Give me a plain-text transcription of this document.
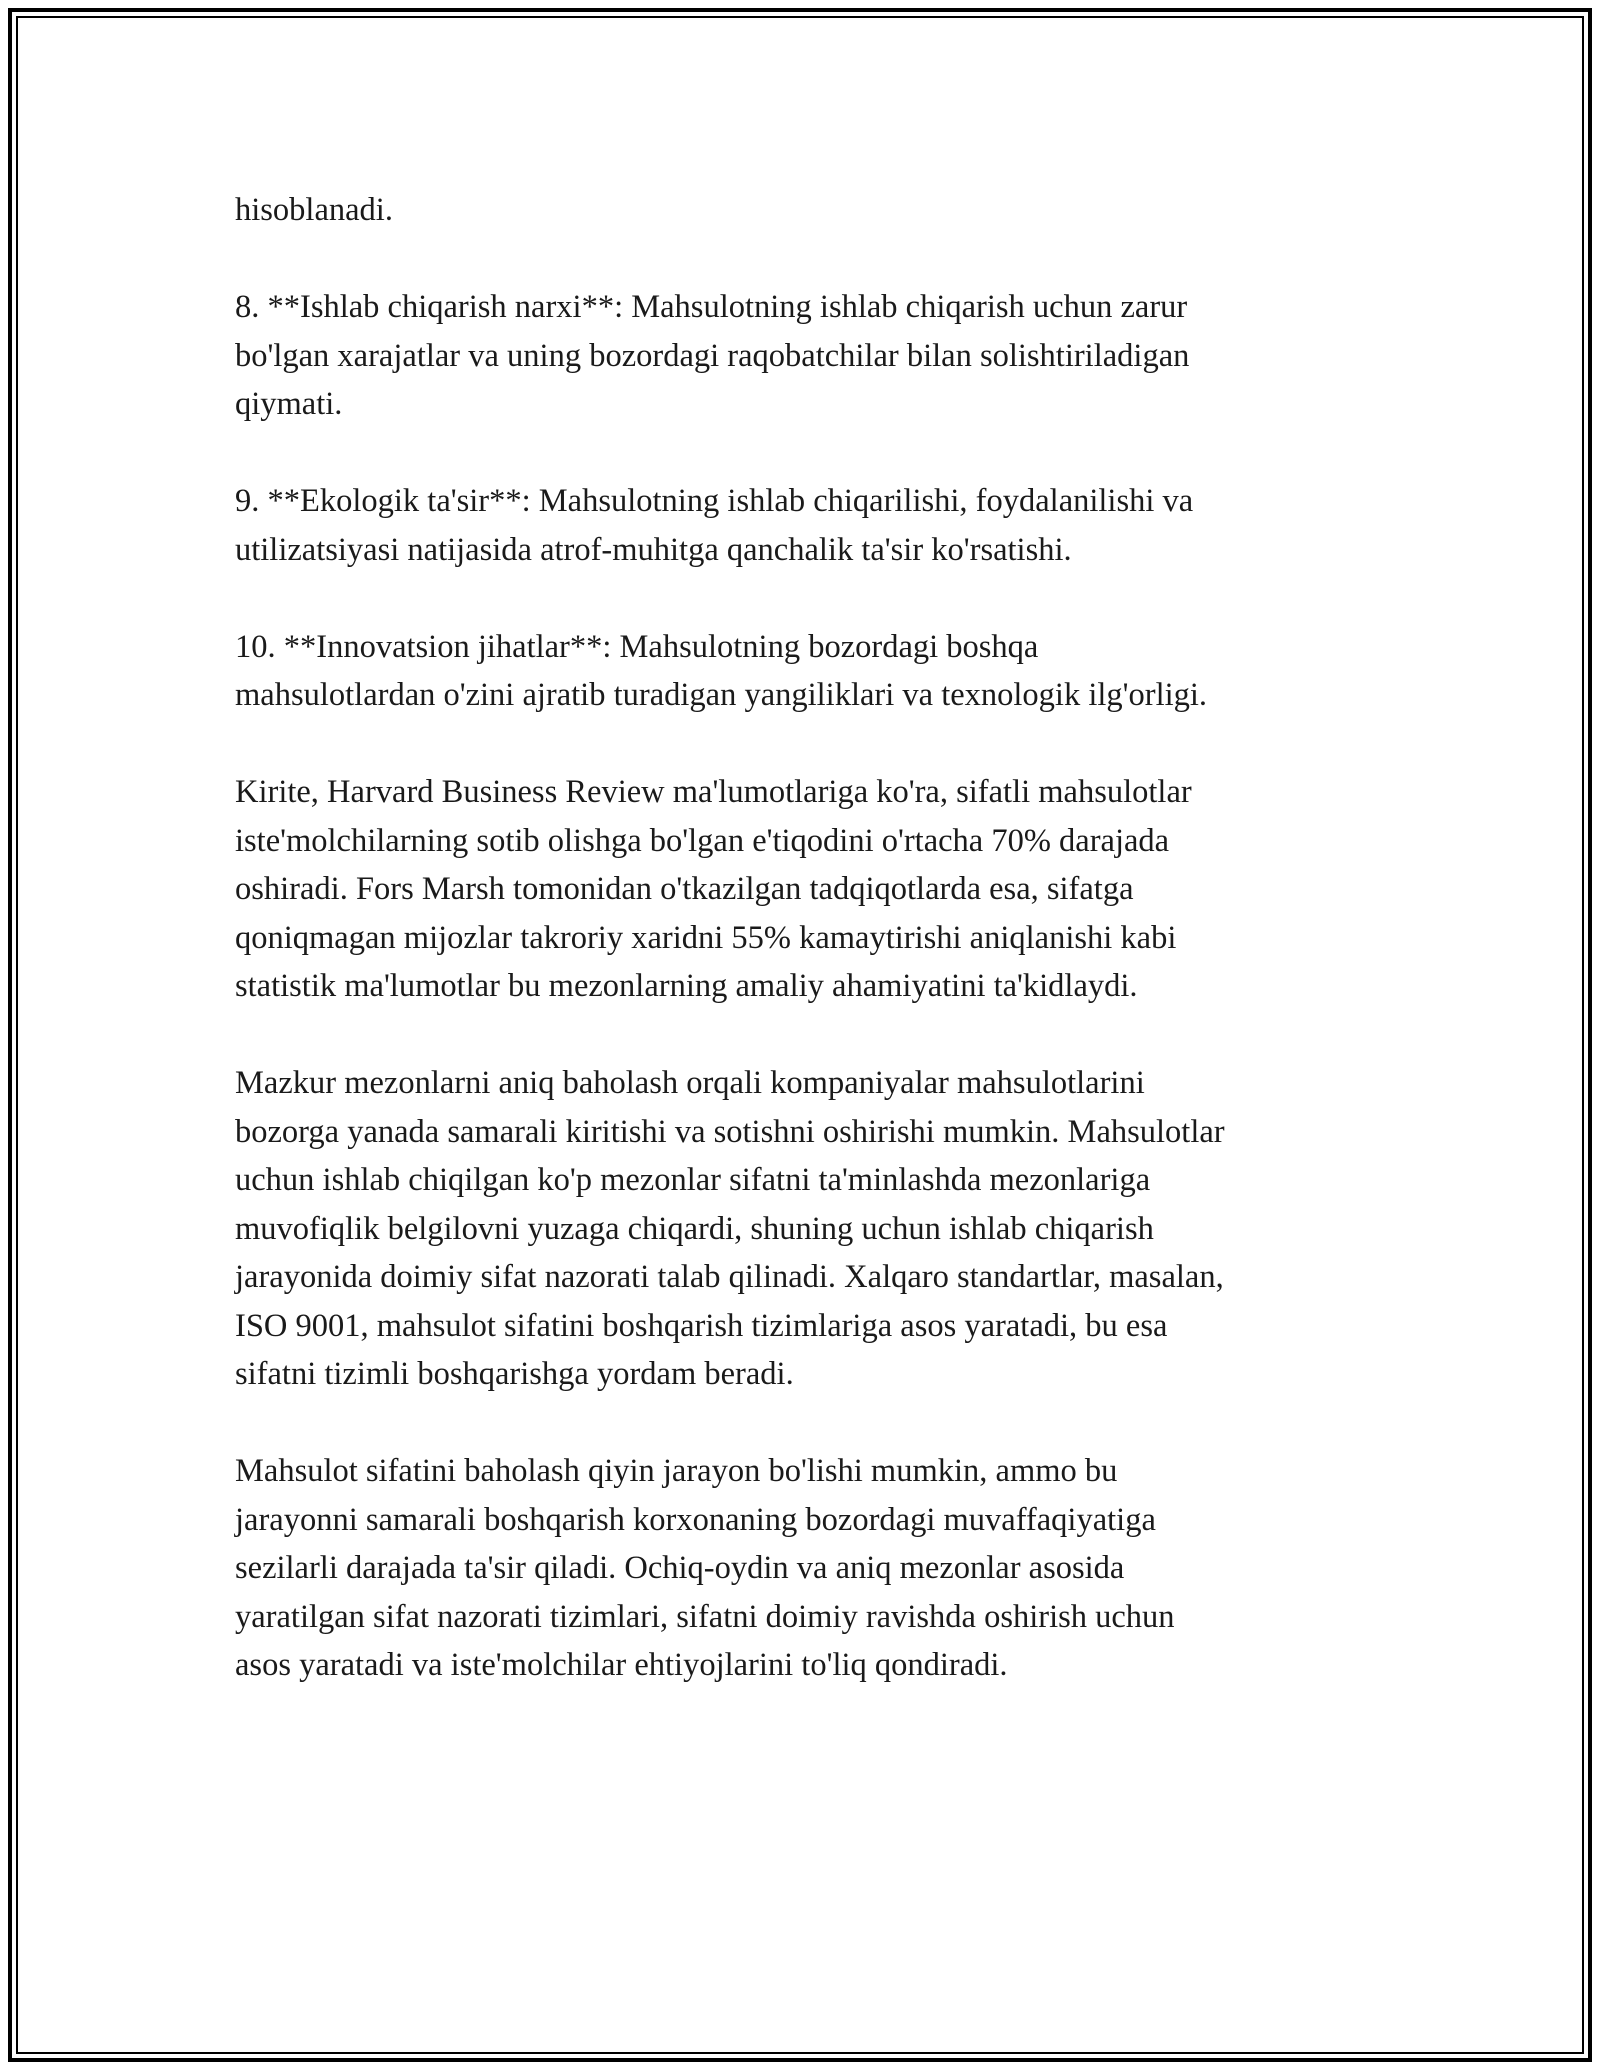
hisoblanadi.

8. **Ishlab chiqarish narxi**: Mahsulotning ishlab chiqarish uchun zarur
bo'lgan xarajatlar va uning bozordagi raqobatchilar bilan solishtiriladigan
qiymati.

9. **Ekologik ta'sir**: Mahsulotning ishlab chiqarilishi, foydalanilishi va
utilizatsiyasi natijasida atrof-muhitga qanchalik ta'sir ko'rsatishi.

10. **Innovatsion jihatlar**: Mahsulotning bozordagi boshqa
mahsulotlardan o'zini ajratib turadigan yangiliklari va texnologik ilg'orligi.

Kirite, Harvard Business Review ma'lumotlariga ko'ra, sifatli mahsulotlar
iste'molchilarning sotib olishga bo'lgan e'tiqodini o'rtacha 70% darajada
oshiradi. Fors Marsh tomonidan o'tkazilgan tadqiqotlarda esa, sifatga
qoniqmagan mijozlar takroriy xaridni 55% kamaytirishi aniqlanishi kabi
statistik ma'lumotlar bu mezonlarning amaliy ahamiyatini ta'kidlaydi.

Mazkur mezonlarni aniq baholash orqali kompaniyalar mahsulotlarini
bozorga yanada samarali kiritishi va sotishni oshirishi mumkin. Mahsulotlar
uchun ishlab chiqilgan ko'p mezonlar sifatni ta'minlashda mezonlariga
muvofiqlik belgilovni yuzaga chiqardi, shuning uchun ishlab chiqarish
jarayonida doimiy sifat nazorati talab qilinadi. Xalqaro standartlar, masalan,
ISO 9001, mahsulot sifatini boshqarish tizimlariga asos yaratadi, bu esa
sifatni tizimli boshqarishga yordam beradi.

Mahsulot sifatini baholash qiyin jarayon bo'lishi mumkin, ammo bu
jarayonni samarali boshqarish korxonaning bozordagi muvaffaqiyatiga
sezilarli darajada ta'sir qiladi. Ochiq-oydin va aniq mezonlar asosida
yaratilgan sifat nazorati tizimlari, sifatni doimiy ravishda oshirish uchun
asos yaratadi va iste'molchilar ehtiyojlarini to'liq qondiradi.
